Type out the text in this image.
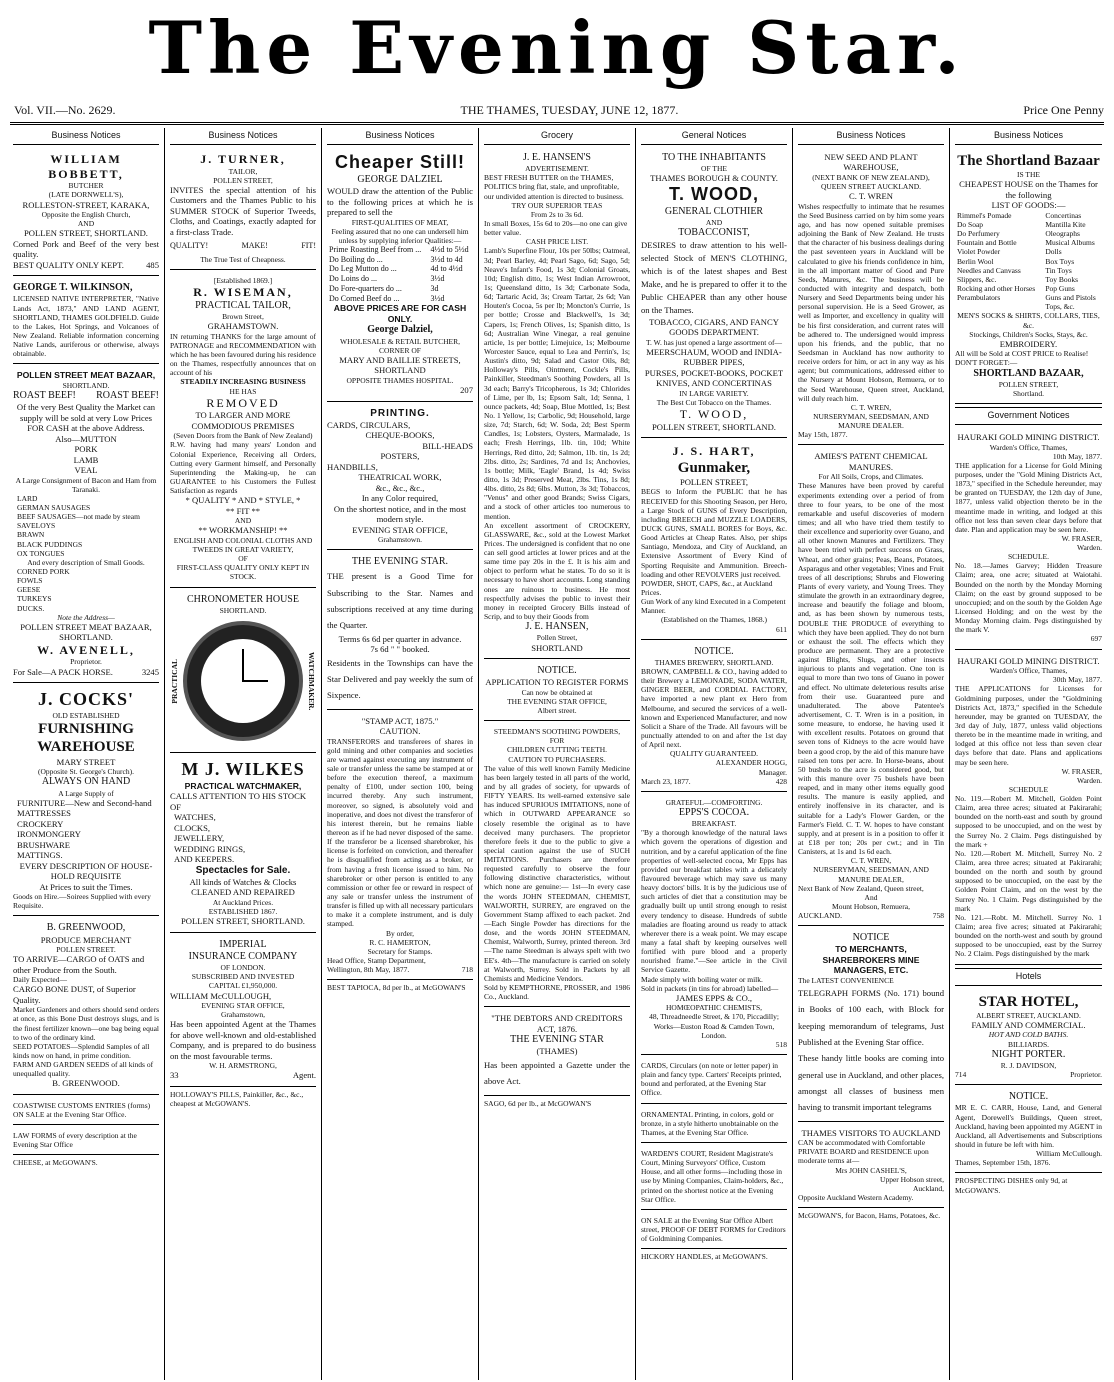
The Evening Star.
Vol. VII.—No. 2629.	THE THAMES, TUESDAY, JUNE 12, 1877.	Price One Penny
Business Notices
WILLIAM BOBBETT,
BUTCHER
(LATE DORNWELL'S),
ROLLESTON-STREET, KARAKA,
Opposite the English Church,
AND
POLLEN STREET, SHORTLAND.
Corned Pork and Beef of the very best quality.
BEST QUALITY ONLY KEPT.	485
GEORGE T. WILKINSON,
LICENSED NATIVE INTERPRETER, "Native Lands Act, 1873," AND LAND AGENT, SHORTLAND, THAMES GOLDFIELD. Guide to the Lakes, Hot Springs, and Volcanoes of New Zealand. Reliable information concerning Native Lands, auriferous or otherwise, always obtainable.
POLLEN STREET MEAT BAZAAR,
SHORTLAND.
ROAST BEEF! ROAST BEEF!
Of the very Best Quality the Market can supply will be sold at very Low Prices FOR CASH at the above Address.
Also—MUTTON
PORK
LAMB
VEAL
A Large Consignment of Bacon and Ham from Taranaki.
LARD
GERMAN SAUSAGES
BEEF SAUSAGES—not made by steam
SAVELOYS
BRAWN
BLACK PUDDINGS
OX TONGUES
And every description of Small Goods.
CORNED PORK
FOWLS
GEESE
TURKEYS
DUCKS.
Note the Address—
POLLEN STREET MEAT BAZAAR,
SHORTLAND.
W. AVENELL,
Proprietor.
For Sale—A PACK HORSE.	3245
J. COCKS'
OLD ESTABLISHED
FURNISHING
WAREHOUSE
MARY STREET
(Opposite St. George's Church).
ALWAYS ON HAND
A Large Supply of
FURNITURE—New and Second-hand
MATTRESSES
CROCKERY
IRONMONGERY
BRUSHWARE
MATTINGS.
EVERY DESCRIPTION OF HOUSE-HOLD REQUISITE
At Prices to suit the Times.
Goods on Hire.—Soirees Supplied with every Requisite.
B. GREENWOOD,
PRODUCE MERCHANT
POLLEN STREET.
TO ARRIVE—CARGO of OATS and other Produce from the South.
Daily Expected—
CARGO BONE DUST, of Superior Quality.
Market Gardeners and others should send orders at once, as this Bone Dust destroys slugs, and is the finest fertilizer known—one bag being equal to two of the ordinary kind.
SEED POTATOES—Splendid Samples of all kinds now on hand, in prime condition.
FARM AND GARDEN SEEDS of all kinds of unequalled quality.
B. GREENWOOD.
COASTWISE CUSTOMS ENTRIES (forms) ON SALE at the Evening Star Office.
LAW FORMS of every description at the Evening Star Office
CHEESE, at McGOWAN'S.
Business Notices
J. TURNER,
TAILOR,
POLLEN STREET,
INVITES the special attention of his Customers and the Thames Public to his SUMMER STOCK of Superior Tweeds, Cloths, and Coatings, exactly adapted for a first-class Trade.
QUALITY!	MAKE!	FIT!
The True Test of Cheapness.
[Established 1869.]
R. WISEMAN,
PRACTICAL TAILOR,
Brown Street,
GRAHAMSTOWN.
IN returning THANKS for the large amount of PATRONAGE and RECOMMENDATION with which he has been favoured during his residence on the Thames, respectfully announces that on account of his
STEADILY INCREASING BUSINESS
HE HAS
REMOVED
TO LARGER AND MORE COMMODIOUS PREMISES
(Seven Doors from the Bank of New Zealand)
R.W. having had many years' London and Colonial Experience, Receiving all Orders, Cutting every Garment himself, and Personally Superintending the Making-up, he can GUARANTEE to his Customers the Fullest Satisfaction as regards
* QUALITY * AND * STYLE, *
** FIT **
AND
** WORKMANSHIP! **
ENGLISH AND COLONIAL CLOTHS AND TWEEDS IN GREAT VARIETY,
OF
FIRST-CLASS QUALITY ONLY KEPT IN STOCK.
CHRONOMETER HOUSE
SHORTLAND.
PRACTICAL	WATCHMAKER.
M J. WILKES
PRACTICAL WATCHMAKER,
CALLS ATTENTION TO HIS STOCK OF
WATCHES,
CLOCKS,
JEWELLERY,
WEDDING RINGS,
AND KEEPERS.
Spectacles for Sale.
All kinds of Watches & Clocks CLEANED AND REPAIRED
At Auckland Prices.
ESTABLISHED 1867.
POLLEN STREET, SHORTLAND.
IMPERIAL
INSURANCE COMPANY
OF LONDON.
SUBSCRIBED AND INVESTED
CAPITAL £1,950,000.
WILLIAM McCULLOUGH,
EVENING STAR OFFICE,
Grahamstown,
Has been appointed Agent at the Thames for above well-known and old-established Company, and is prepared to do business on the most favourable terms.
W. H. ARMSTRONG,
33	Agent.
HOLLOWAY'S PILLS, Painkiller, &c., &c., cheapest at McGOWAN'S.
Business Notices
Cheaper Still!
GEORGE DALZIEL
WOULD draw the attention of the Public to the following prices at which he is prepared to sell the
FIRST-QUALITIES OF MEAT,
Feeling assured that no one can undersell him unless by supplying inferior Qualities:—
Prime Roasting Beef from ...	4½d to 5½d
Do Boiling do ...	3½d to 4d
Do Leg Mutton do ...	4d to 4½d
Do Loins do ...	3½d
Do Fore-quarters do ...	3d
Do Corned Beef do ...	3½d
ABOVE PRICES ARE FOR CASH ONLY.
George Dalziel,
WHOLESALE & RETAIL BUTCHER,
CORNER OF
MARY AND BAILLIE STREETS,
SHORTLAND
OPPOSITE THAMES HOSPITAL.
207
PRINTING.
CARDS, CIRCULARS,
CHEQUE-BOOKS,
BILL-HEADS
POSTERS,
HANDBILLS,
THEATRICAL WORK,
&c., &c., &c.,
In any Color required,
On the shortest notice, and in the most modern style.
EVENING STAR OFFICE,
Grahamstown.
THE EVENING STAR.
THE present is a Good Time for Subscribing to the Star. Names and subscriptions received at any time during the Quarter.
Terms 6s 6d per quarter in advance.
7s 6d " " booked.
Residents in the Townships can have the Star Delivered and pay weekly the sum of Sixpence.
"STAMP ACT, 1875."
CAUTION.
TRANSFERORS and transferees of shares in gold mining and other companies and societies are warned against executing any instrument of sale or transfer unless the same be stamped at or before the execution thereof, a maximum penalty of £100, under section 100, being incurred thereby. Any such instrument, moreover, so signed, is absolutely void and inoperative, and does not divest the transferor of his interest therein, but he remains liable thereon as if he had never disposed of the same. If the transferor be a licensed sharebroker, his license is forfeited on conviction, and thereafter he is disqualified from acting as a broker, or from having a fresh license issued to him. No sharebroker or other person is entitled to any commission or other fee or reward in respect of any sale or transfer unless the instrument of transfer is filled up with all necessary particulars to make it a complete instrument, and is duly stamped.
By order,
R. C. HAMERTON,
Secretary for Stamps.
Head Office, Stamp Department,
Wellington, 8th May, 1877.	718
BEST TAPIOCA, 8d per lb., at McGOWAN'S
Grocery
J. E. HANSEN'S
ADVERTISEMENT.
BEST FRESH BUTTER on the THAMES,
POLITICS bring flat, stale, and unprofitable, our undivided attention is directed to business.
TRY OUR SUPERIOR TEAS
From 2s to 3s 6d.
In small Boxes, 15s 6d to 20s—no one can give better value.
CASH PRICE LIST.
Lamb's Superfine Flour, 10s per 50lbs; Oatmeal, 3d; Pearl Barley, 4d; Pearl Sago, 6d; Sago, 5d; Neave's Infant's Food, 1s 3d; Colonial Groats, 10d; English ditto, 1s; West Indian Arrowroot, 1s; Queensland ditto, 1s 3d; Carbonate Soda, 6d; Tartaric Acid, 3s; Cream Tartar, 2s 6d; Van Houten's Cocoa, 5s per lb; Moncton's Currie, 1s per bottle; Crosse and Blackwell's, 1s 3d; Capers, 1s; French Olives, 1s; Spanish ditto, 1s 6d; Australian Wine Vinegar, a real genuine article, 1s per bottle; Limejuice, 1s; Melbourne Worcester Sauce, equal to Lea and Perrin's, 1s; Austin's ditto, 9d; Salad and Castor Oils, 8d; Holloway's Pills, Ointment, Cockle's Pills, Painkiller, Steedman's Soothing Powders, all 1s 3d each; Barry's Tricopherous, 1s 3d; Chlorides of Lime, per lb, 1s; Epsom Salt, 1d; Senna, 1 ounce packets, 4d; Soap, Blue Mottled, 1s; Best No. 1 Yellow, 1s; Carbolic, 9d; Household, large size, 7d; Starch, 6d; W. Soda, 2d; Best Sperm Candles, 1s; Lobsters, Oysters, Marmalade, 1s each; Fresh Herrings, 1lb. tin, 10d; White Herrings, Red ditto, 2d; Salmon, 1lb. tin, 1s 2d; 2lbs. ditto, 2s; Sardines, 7d and 1s; Anchovies, 1s bottle; Milk, 'Eagle' Brand, 1s 4d; Swiss ditto, 1s 3d; Preserved Meat, 2lbs. Tins, 1s 8d; 4lbs. ditto, 2s 8d; 6lbs. Mutton, 3s 3d; Tobaccos, "Venus" and other good Brands; Swiss Cigars, and a stock of other articles too numerous to mention.
An excellent assortment of CROCKERY, GLASSWARE, &c., sold at the Lowest Market Prices. The undersigned is confident that no one can sell good articles at lower prices and at the same time pay 20s in the £. It is his aim and object to perform what he states. To do so it is necessary to have short accounts. Long standing ones are ruinous to business. He most respectfully advises the public to invest their money in receipted Grocery Bills instead of Scrip, and to buy their Goods from
J. E. HANSEN,
Pollen Street,
SHORTLAND
NOTICE.
APPLICATION TO REGISTER FORMS
Can now be obtained at
THE EVENING STAR OFFICE,
Albert street.
STEEDMAN'S SOOTHING POWDERS,
FOR
CHILDREN CUTTING TEETH.
CAUTION TO PURCHASERS.
The value of this well known Family Medicine has been largely tested in all parts of the world, and by all grades of society, for upwards of FIFTY YEARS. Its well-earned extensive sale has induced SPURIOUS IMITATIONS, none of which in OUTWARD APPEARANCE so closely resemble the original as to have deceived many purchasers. The proprietor therefore feels it due to the public to give a special caution against the use of SUCH IMITATIONS. Purchasers are therefore requested carefully to observe the four following distinctive characteristics, without which none are genuine:— 1st—In every case the words JOHN STEEDMAN, CHEMIST, WALWORTH, SURREY, are engraved on the Government Stamp affixed to each packet. 2nd—Each Single Powder has directions for the dose, and the words JOHN STEEDMAN, Chemist, Walworth, Surrey, printed thereon. 3rd—The name Steedman is always spelt with two EE's. 4th—The manufacture is carried on solely at Walworth, Surrey. Sold in Packets by all Chemists and Medicine Vendors.
Sold by KEMPTHORNE, PROSSER, and Co., Auckland.
1986
"THE DEBTORS AND CREDITORS
ACT, 1876.
THE EVENING STAR
(THAMES)
Has been appointed a Gazette under the above Act.
SAGO, 6d per lb., at McGOWAN'S
General Notices
TO THE INHABITANTS
OF THE
THAMES BOROUGH & COUNTY.
T. WOOD,
GENERAL CLOTHIER
AND
TOBACCONIST,
DESIRES to draw attention to his well-selected Stock of MEN'S CLOTHING, which is of the latest shapes and Best Make, and he is prepared to offer it to the Public CHEAPER than any other house on the Thames.
TOBACCO, CIGARS, AND FANCY GOODS DEPARTMENT.
T. W. has just opened a large assortment of—
MEERSCHAUM, WOOD and INDIA-RUBBER PIPES,
PURSES, POCKET-BOOKS, POCKET KNIVES, AND CONCERTINAS
IN LARGE VARIETY.
The Best Cut Tobacco on the Thames.
T. WOOD,
POLLEN STREET, SHORTLAND.
J. S. HART,
Gunmaker,
POLLEN STREET,
BEGS to Inform the PUBLIC that he has RECEIVED for this Shooting Season, per Hero, a Large Stock of GUNS of Every Description, including BREECH and MUZZLE LOADERS, DUCK GUNS, SMALL BORES for Boys, &c. Good Articles at Cheap Rates. Also, per ships Santiago, Mendoza, and City of Auckland, an Extensive Assortment of Every Kind of Sporting Requisite and Ammunition. Breech-loading and other REVOLVERS just received.
POWDER, SHOT, CAPS, &c., at Auckland Prices.
Gun Work of any kind Executed in a Competent Manner.
(Established on the Thames, 1868.)
611
NOTICE.
THAMES BREWERY, SHORTLAND.
BROWN, CAMPBELL & CO., having added to their Brewery a LEMONADE, SODA WATER, GINGER BEER, and CORDIAL FACTORY, have imported a new plant ex Hero from Melbourne, and secured the services of a well-known and Experienced Manufacturer, and now Solicit a Share of the Trade. All favours will be punctually attended to on and after the 1st day of April next.
QUALITY GUARANTEED.
ALEXANDER HOGG,
Manager.
March 23, 1877.	428
GRATEFUL—COMFORTING.
EPPS'S COCOA.
BREAKFAST.
"By a thorough knowledge of the natural laws which govern the operations of digestion and nutrition, and by a careful application of the fine properties of well-selected cocoa, Mr Epps has provided our breakfast tables with a delicately flavoured beverage which may save us many heavy doctors' bills. It is by the judicious use of such articles of diet that a constitution may be gradually built up until strong enough to resist every tendency to disease. Hundreds of subtle maladies are floating around us ready to attack wherever there is a weak point. We may escape many a fatal shaft by keeping ourselves well fortified with pure blood and a properly nourished frame."—See article in the Civil Service Gazette.
Made simply with boiling water or milk.
Sold in packets (in tins for abroad) labelled—
JAMES EPPS & CO.,
HOMŒOPATHIC CHEMISTS,
48, Threadneedle Street, & 170, Piccadilly; Works—Euston Road & Camden Town, London.
518
CARDS, Circulars (on note or letter paper) in plain and fancy type. Carters' Receipts printed, bound and perforated, at the Evening Star Office.
ORNAMENTAL Printing, in colors, gold or bronze, in a style hitherto unobtainable on the Thames, at the Evening Star Office.
WARDEN'S COURT, Resident Magistrate's Court, Mining Surveyors' Office, Custom House, and all other forms—including those in use by Mining Companies, Claim-holders, &c., printed on the shortest notice at the Evening Star Office.
ON SALE at the Evening Star Office Albert street, PROOF OF DEBT FORMS for Creditors of Goldmining Companies.
HICKORY HANDLES, at McGOWAN'S.
Business Notices
NEW SEED AND PLANT WAREHOUSE,
(NEXT BANK OF NEW ZEALAND),
QUEEN STREET AUCKLAND.
C. T. WREN
Wishes respectfully to intimate that he resumes the Seed Business carried on by him some years ago, and has now opened suitable premises adjoining the Bank of New Zealand. He trusts that the character of his business dealings during the past seventeen years in Auckland will be calculated to give his friends confidence in him, in the all important matter of Good and Pure Seeds, Manures, &c. The business will be conducted with integrity and despatch, both Nursery and Seed Departments being under his personal supervision. He is a Seed Grower, as well as Importer, and excellency in quality will be his first consideration, and current rates will be adhered to. The undersigned would impress upon his friends, and the public, that no Seedsman in Auckland has now authority to receive orders for him, or act in any way as his agent; but communications, addressed either to the Nursery at Mount Hobson, Remuera, or to the Seed Warehouse, Queen street, Auckland, will duly reach him.
C. T. WREN,
NURSERYMAN, SEEDSMAN, AND MANURE DEALER.
May 15th, 1877.
AMIES'S PATENT CHEMICAL MANURES.
For All Soils, Crops, and Climates.
These Manures have been proved by careful experiments extending over a period of from three to four years, to be one of the most remarkable and useful discoveries of modern times; and all who have tried them testify to their excellence and superiority over Guano, and all other known Manures and Fertilizers. They have been tried with perfect success on Grass, Wheat, and other grains; Peas, Beans, Potatoes, Asparagus and other vegetables; Vines and Fruit trees of all descriptions; Shrubs and Flowering Plants of every variety, and Young Trees. They stimulate the growth in an extraordinary degree, increase and beautify the foliage and bloom, and, as has been shown by numerous tests, DOUBLE THE PRODUCE of everything to which they have been applied. They do not burn or exhaust the soil. The effects which they produce are permanent. They are a protective against Blights, Slugs, and other insects injurious to plants and vegetation. One ton is equal to more than two tons of Guano in power and effect. No ultimate deleterious results arise from their use. Guaranteed pure and unadulterated. The above Patentee's advertisement, C. T. Wren is in a position, in some measure, to endorse, he having used it with excellent results. Potatoes on ground that seven tons of Kidneys to the acre would have been a good crop, by the aid of this manure have raised ten tons per acre. In Horse-beans, about 50 bushels to the acre is considered good, but with this manure over 75 bushels have been reaped, and in many other items equally good results. The manure is easily applied, and entirely inoffensive in its character, and is suitable for a Lady's Flower Garden, or the Farmer's Field. C. T. W. hopes to have constant supply, and at present is in a position to offer it at £18 per ton; 20s per cwt.; and in Tin Canisters, at 1s and 1s 6d each.
C. T. WREN,
NURSERYMAN, SEEDSMAN, AND MANURE DEALER,
Next Bank of New Zealand, Queen street,
And
Mount Hobson, Remuera,
AUCKLAND.	758
NOTICE
TO MERCHANTS, SHAREBROKERS MINE MANAGERS, ETC.
The LATEST CONVENIENCE
TELEGRAPH FORMS (No. 171) bound in Books of 100 each, with Block for keeping memorandum of telegrams, Just Published at the Evening Star office.
These handy little books are coming into general use in Auckland, and other places, amongst all classes of business men having to transmit important telegrams
THAMES VISITORS TO AUCKLAND
CAN be accommodated with Comfortable PRIVATE BOARD and RESIDENCE upon moderate terms at—
Mrs JOHN CASHEL'S,
Upper Hobson street,
Auckland,
Opposite Auckland Western Academy.
McGOWAN'S, for Bacon, Hams, Potatoes, &c.
Business Notices
The Shortland Bazaar
IS THE
CHEAPEST HOUSE on the Thames for the following
LIST OF GOODS:—
Rimmel's Pomade	Concertinas
Do Soap	Mantilla Kite
Do Perfumery	Oleographs
Fountain and Bottle	Musical Albums
Violet Powder	Dolls
Berlin Wool	Box Toys
Needles and Canvass	Tin Toys
Slippers, &c.	Toy Books
Rocking and other Horses	Pop Guns
Perambulators	Guns and Pistols
	Tops, &c.
MEN'S SOCKS & SHIRTS, COLLARS, TIES, &c.
Stockings, Children's Socks, Stays, &c.
EMBROIDERY.
All will be Sold at COST PRICE to Realise!
DON'T FORGET:—
SHORTLAND BAZAAR,
POLLEN STREET,
Shortland.
Government Notices
HAURAKI GOLD MINING DISTRICT.
Warden's Office, Thames,
10th May, 1877.
THE application for a License for Gold Mining purposes, under the "Gold Mining Districts Act, 1873," specified in the Schedule hereunder, may be granted on TUESDAY, the 12th day of June, 1877, unless valid objection thereto be in the meantime made in writing, and lodged at this office not less than seven clear days before that date. Plan and application may be seen here.
W. FRASER,
Warden.
SCHEDULE.
No. 18.—James Garvey; Hidden Treasure Claim; area, one acre; situated at Waiotahi. Bounded on the north by the Monday Morning Claim; on the east by ground supposed to be unoccupied; and on the south by the Golden Age Licensed Holding; and on the west by the Monday Morning claim. Pegs distinguished by the mark V.
697
HAURAKI GOLD MINING DISTRICT.
Warden's Office, Thames,
30th May, 1877.
THE APPLICATIONS for Licenses for Goldmining purposes, under the "Goldmining Districts Act, 1873," specified in the Schedule hereunder, may be granted on TUESDAY, the 3rd day of July, 1877, unless valid objections thereto be in the meantime made in writing, and lodged at this office not less than seven clear days before that date. Plans and applications may be seen here.
W. FRASER,
Warden.
SCHEDULE
No. 119.—Robert M. Mitchell, Golden Point Claim, area three acres; situated at Pakirarahi; bounded on the north-east and south by ground supposed to be unoccupied, and on the west by the Surrey No. 2 Claim. Pegs distinguished by the mark +
No. 120.—Robert M. Mitchell, Surrey No. 2 Claim, area three acres; situated at Pakirarahi; bounded on the north and south by ground supposed to be unoccupied, on the east by the Golden Point Claim, and on the west by the Surrey No. 1 Claim. Pegs distinguished by the mark
No. 121.—Robt. M. Mitchell. Surrey No. 1 Claim; area five acres; situated at Pakirarahi; bounded on the north-west and south by ground supposed to be unoccupied, east by the Surrey No. 2 Claim. Pegs distinguished by the mark
Hotels
STAR HOTEL,
ALBERT STREET, AUCKLAND.
FAMILY AND COMMERCIAL.
HOT AND COLD BATHS.
BILLIARDS.
NIGHT PORTER.
R. J. DAVIDSON,
714	Proprietor.
NOTICE.
MR E. C. CARR, House, Land, and General Agent, Dorewell's Buildings, Queen street, Auckland, having been appointed my AGENT in Auckland, all Advertisements and Subscriptions should in future be left with him.
William McCullough.
Thames, September 15th, 1876.
PROSPECTING DISHES only 9d, at McGOWAN'S.
